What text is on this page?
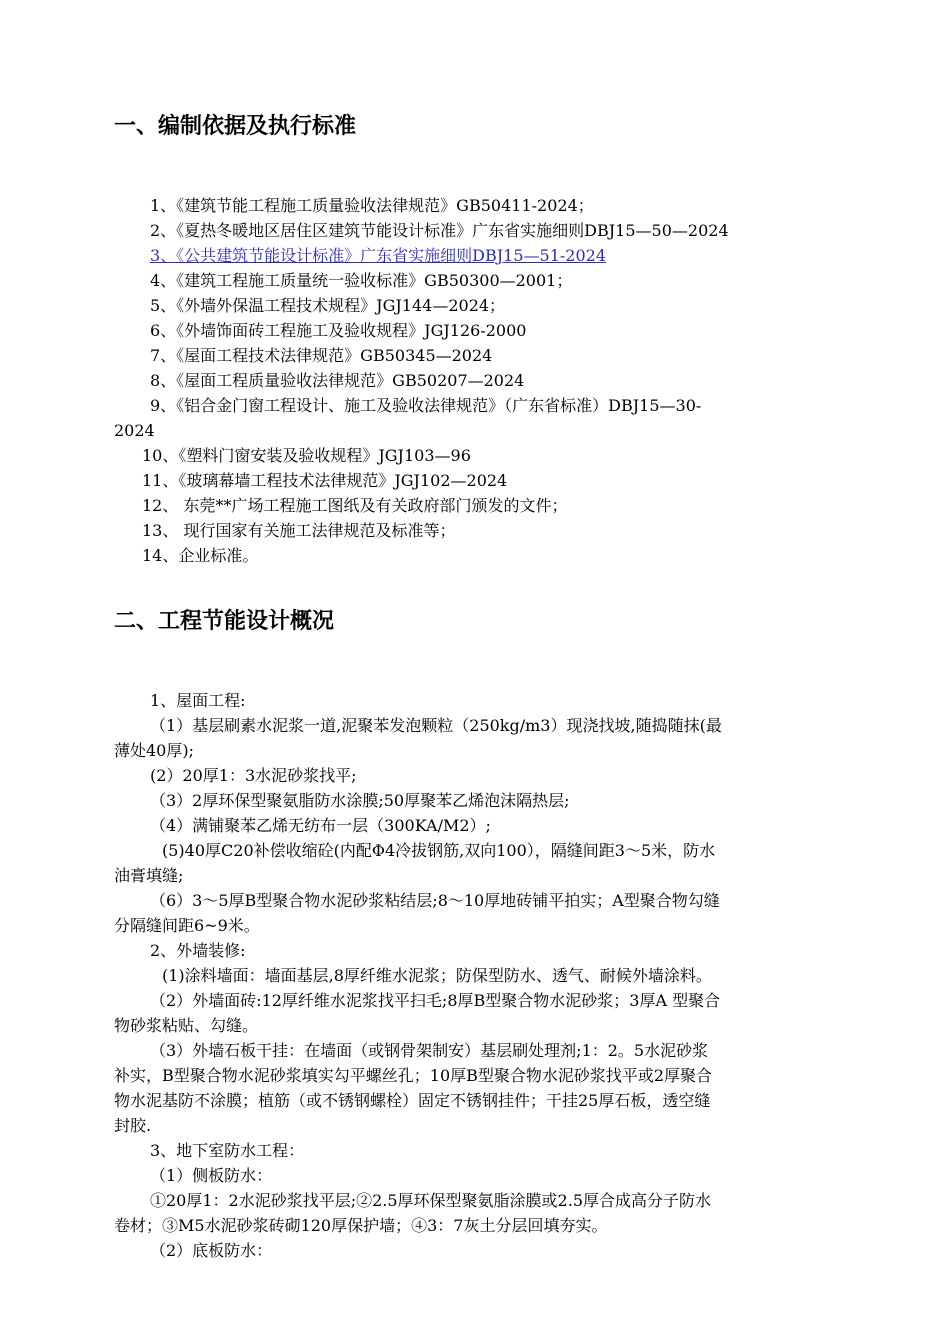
一、编制依据及执行标准

1、《建筑节能工程施工质量验收法律规范》GB50411-2024；

2、《夏热冬暖地区居住区建筑节能设计标准》广东省实施细则DBJ15—50—2024

3、《公共建筑节能设计标准》广东省实施细则DBJ15—51-2024

4、《建筑工程施工质量统一验收标准》GB50300—2001；

5、《外墙外保温工程技术规程》JGJ144—2024；

6、《外墙饰面砖工程施工及验收规程》JGJ126-2000

7、《屋面工程技术法律规范》GB50345—2024

8、《屋面工程质量验收法律规范》GB50207—2024

9、《铝合金门窗工程设计、施工及验收法律规范》（广东省标准）DBJ15—30-

2024

10、《塑料门窗安装及验收规程》JGJ103—96

11、《玻璃幕墙工程技术法律规范》JGJ102—2024

12、 东莞**广场工程施工图纸及有关政府部门颁发的文件；

13、 现行国家有关施工法律规范及标准等；

14、企业标准。

二、工程节能设计概况

1、屋面工程:

（1）基层刷素水泥浆一道,泥聚苯发泡颗粒（250kg/m3）现浇找坡,随捣随抹(最

薄处40厚);

(2）20厚1：3水泥砂浆找平;

（3）2厚环保型聚氨脂防水涂膜;50厚聚苯乙烯泡沫隔热层;

（4）满铺聚苯乙烯无纺布一层（300KA/M2）;

(5)40厚C20补偿收缩砼(内配Φ4冷拔钢筋,双向100），隔缝间距3～5米，防水

油膏填缝;

（6）3～5厚B型聚合物水泥砂浆粘结层;8～10厚地砖铺平拍实；A型聚合物勾缝

分隔缝间距6~9米。

2、外墙装修:

(1)涂料墙面：墙面基层,8厚纤维水泥浆；防保型防水、透气、耐候外墙涂料。

（2）外墙面砖:12厚纤维水泥浆找平扫毛;8厚B型聚合物水泥砂浆；3厚A 型聚合

物砂浆粘贴、勾缝。

（3）外墙石板干挂：在墙面（或钢骨架制安）基层刷处理剂;1：2。5水泥砂浆

补实，B型聚合物水泥砂浆填实勾平螺丝孔；10厚B型聚合物水泥砂浆找平或2厚聚合

物水泥基防不涂膜；植筋（或不锈钢螺栓）固定不锈钢挂件；干挂25厚石板，透空缝

封胶.

3、地下室防水工程：

（1）侧板防水：

①20厚1：2水泥砂浆找平层;②2.5厚环保型聚氨脂涂膜或2.5厚合成高分子防水

卷材；③M5水泥砂浆砖砌120厚保护墙；④3：7灰土分层回填夯实。

（2）底板防水：
